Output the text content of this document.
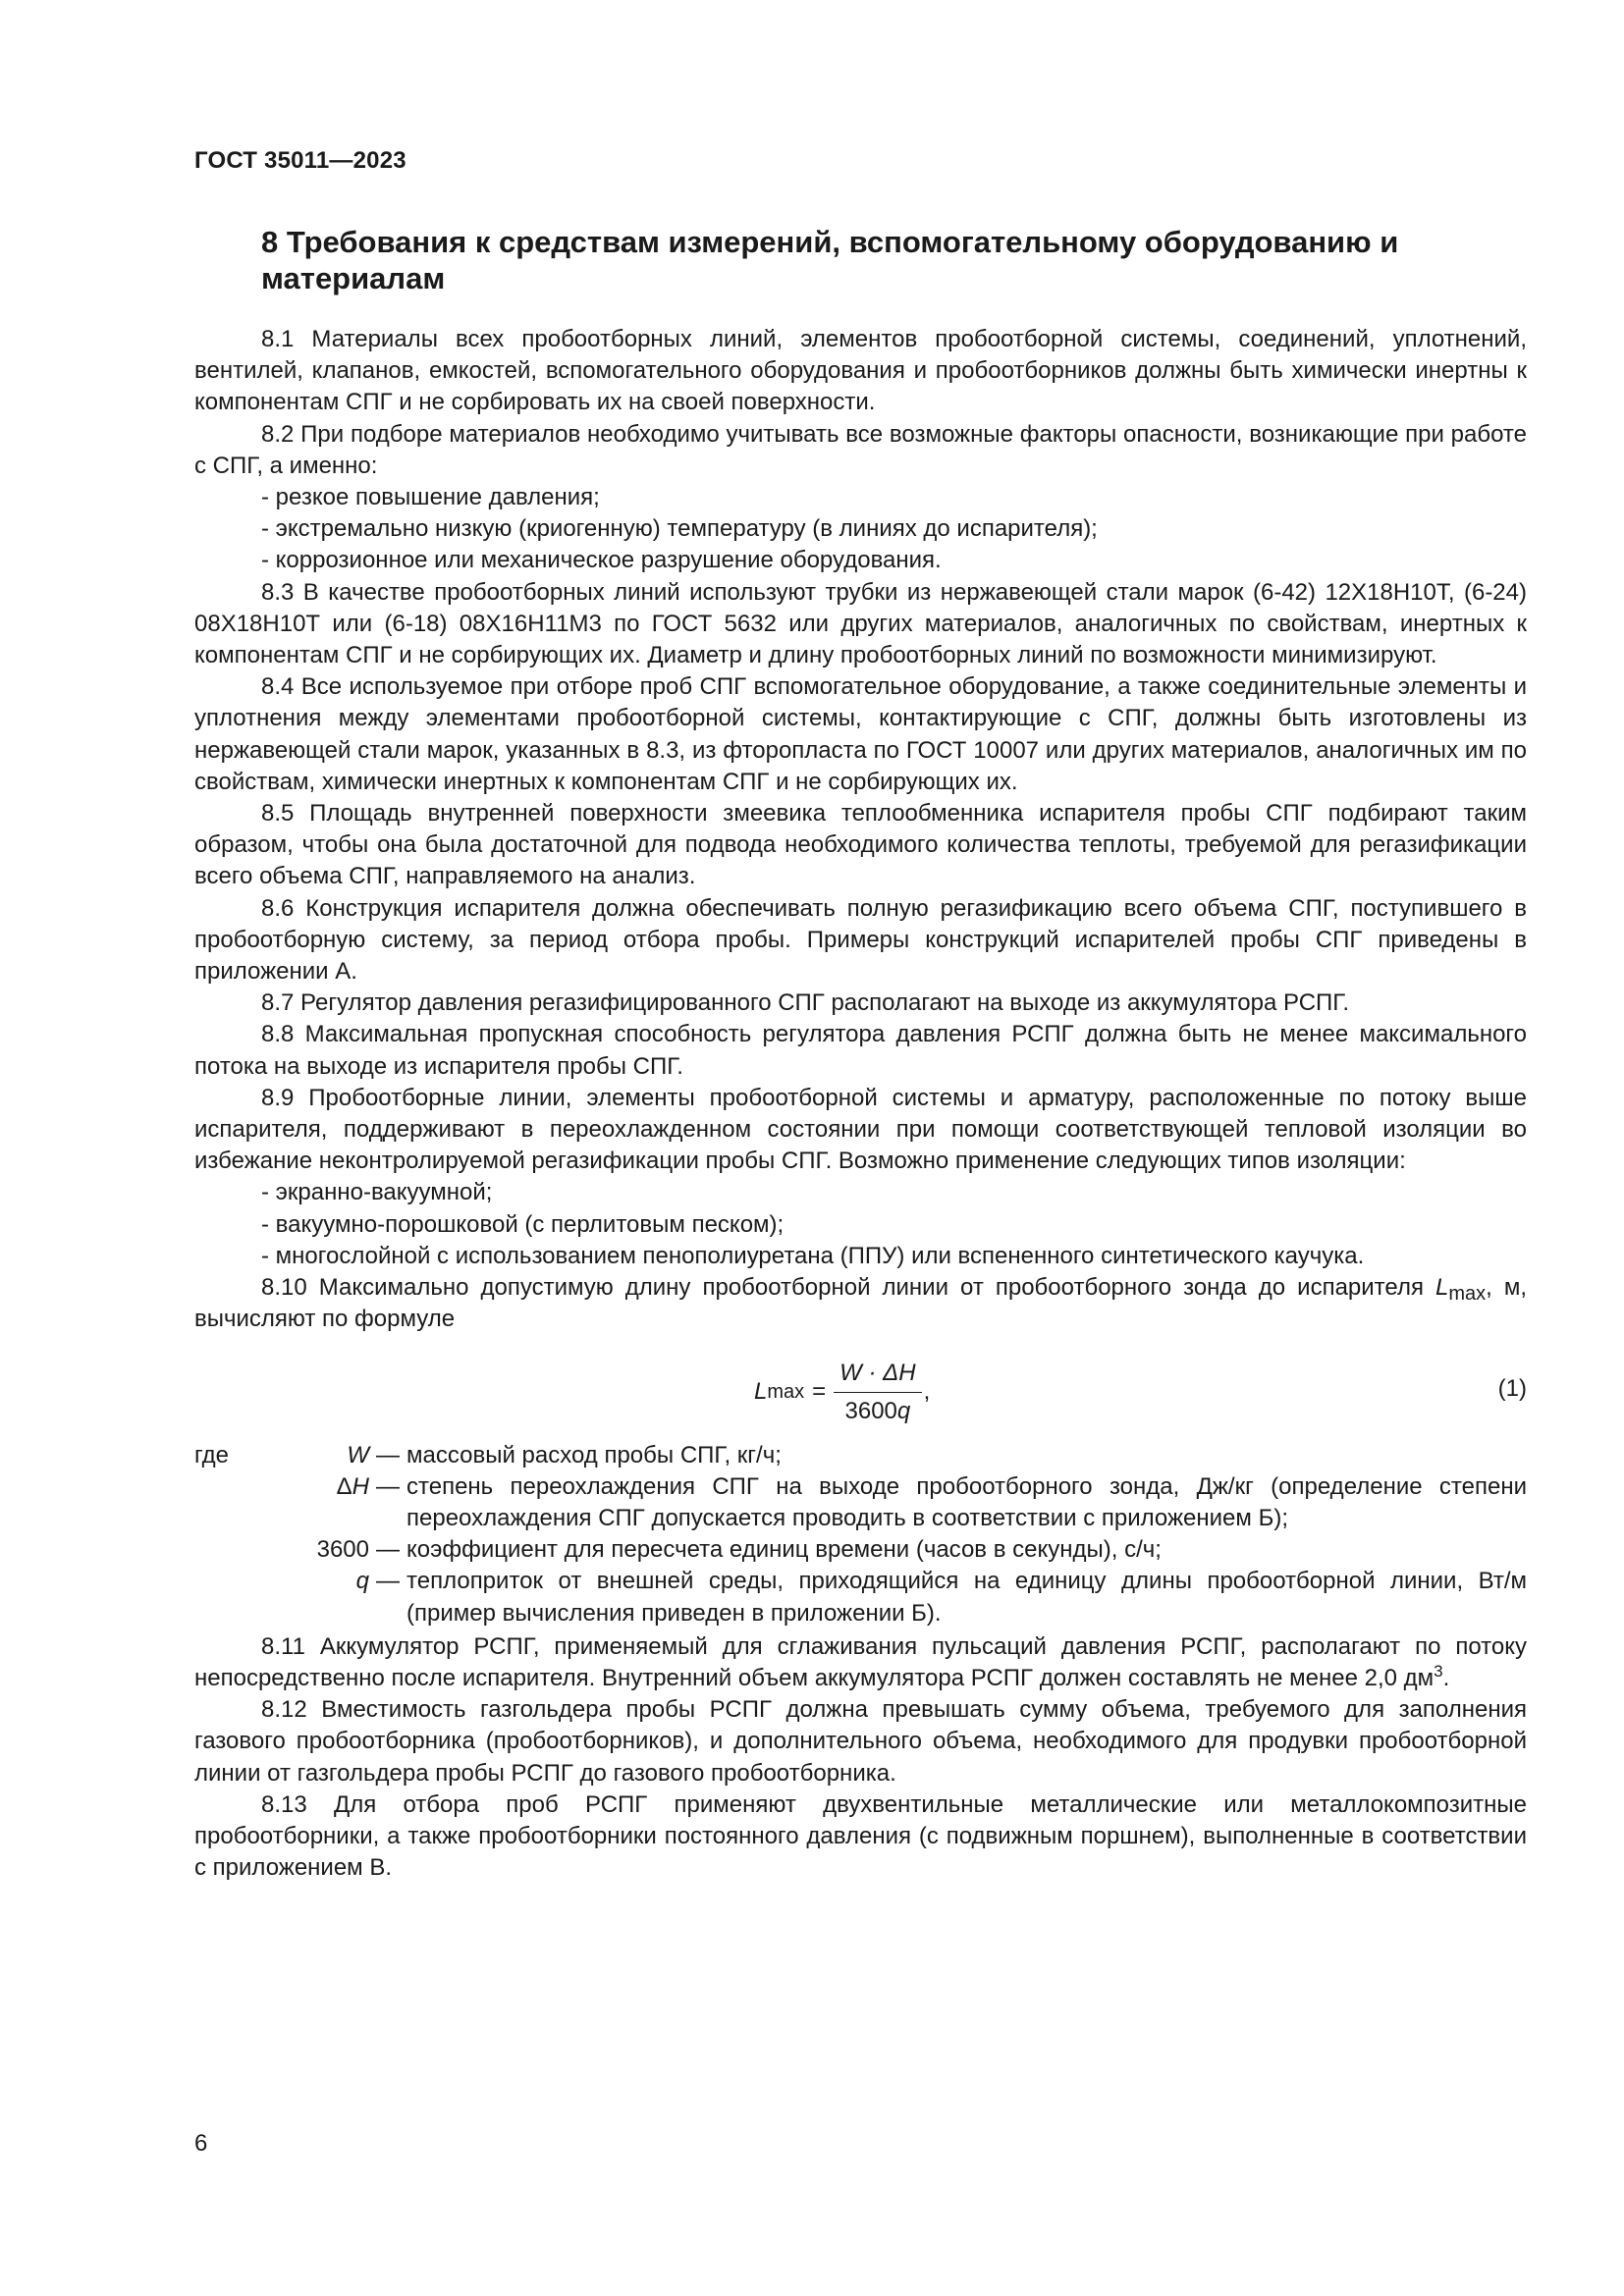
ГОСТ 35011—2023
8 Требования к средствам измерений, вспомогательному оборудованию и материалам

8.1 Материалы всех пробоотборных линий, элементов пробоотборной системы, соединений, уплотнений, вентилей, клапанов, емкостей, вспомогательного оборудования и пробоотборников должны быть химически инертны к компонентам СПГ и не сорбировать их на своей поверхности.

8.2 При подборе материалов необходимо учитывать все возможные факторы опасности, возникающие при работе с СПГ, а именно:

- резкое повышение давления;

- экстремально низкую (криогенную) температуру (в линиях до испарителя);

- коррозионное или механическое разрушение оборудования.

8.3 В качестве пробоотборных линий используют трубки из нержавеющей стали марок (6-42) 12Х18Н10Т, (6-24) 08Х18Н10Т или (6-18) 08Х16Н11М3 по ГОСТ 5632 или других материалов, аналогичных по свойствам, инертных к компонентам СПГ и не сорбирующих их. Диаметр и длину пробоотборных линий по возможности минимизируют.

8.4 Все используемое при отборе проб СПГ вспомогательное оборудование, а также соединительные элементы и уплотнения между элементами пробоотборной системы, контактирующие с СПГ, должны быть изготовлены из нержавеющей стали марок, указанных в 8.3, из фторопласта по ГОСТ 10007 или других материалов, аналогичных им по свойствам, химически инертных к компонентам СПГ и не сорбирующих их.

8.5 Площадь внутренней поверхности змеевика теплообменника испарителя пробы СПГ подбирают таким образом, чтобы она была достаточной для подвода необходимого количества теплоты, требуемой для регазификации всего объема СПГ, направляемого на анализ.

8.6 Конструкция испарителя должна обеспечивать полную регазификацию всего объема СПГ, поступившего в пробоотборную систему, за период отбора пробы. Примеры конструкций испарителей пробы СПГ приведены в приложении А.

8.7 Регулятор давления регазифицированного СПГ располагают на выходе из аккумулятора РСПГ.

8.8 Максимальная пропускная способность регулятора давления РСПГ должна быть не менее максимального потока на выходе из испарителя пробы СПГ.

8.9 Пробоотборные линии, элементы пробоотборной системы и арматуру, расположенные по потоку выше испарителя, поддерживают в переохлажденном состоянии при помощи соответствующей тепловой изоляции во избежание неконтролируемой регазификации пробы СПГ. Возможно применение следующих типов изоляции:

- экранно-вакуумной;

- вакуумно-порошковой (с перлитовым песком);

- многослойной с использованием пенополиуретана (ППУ) или вспененного синтетического каучука.

8.10 Максимально допустимую длину пробоотборной линии от пробоотборного зонда до испарителя $L_{max}$, м, вычисляют по формуле

L $\max = \frac{W \cdot \Delta H}{3600q}$ ,	(1)
где	W — массовый расход пробы СПГ, кг/ч;
ΔH — степень переохлаждения СПГ на выходе пробоотборного зонда, Дж/кг (определение степени переохлаждения СПГ допускается проводить в соответствии с приложением Б);
3600 — коэффициент для пересчета единиц времени (часов в секунды), с/ч;
q — теплоприток от внешней среды, приходящийся на единицу длины пробоотборной линии, Вт/м (пример вычисления приведен в приложении Б).

8.11 Аккумулятор РСПГ, применяемый для сглаживания пульсаций давления РСПГ, располагают по потоку непосредственно после испарителя. Внутренний объем аккумулятора РСПГ должен составлять не менее 2,0 $дм^3$.

8.12 Вместимость газгольдера пробы РСПГ должна превышать сумму объема, требуемого для заполнения газового пробоотборника (пробоотборников), и дополнительного объема, необходимого для продувки пробоотборной линии от газгольдера пробы РСПГ до газового пробоотборника.

8.13 Для отбора проб РСПГ применяют двухвентильные металлические или металлокомпозитные пробоотборники, а также пробоотборники постоянного давления (с подвижным поршнем), выполненные в соответствии с приложением В.

6
